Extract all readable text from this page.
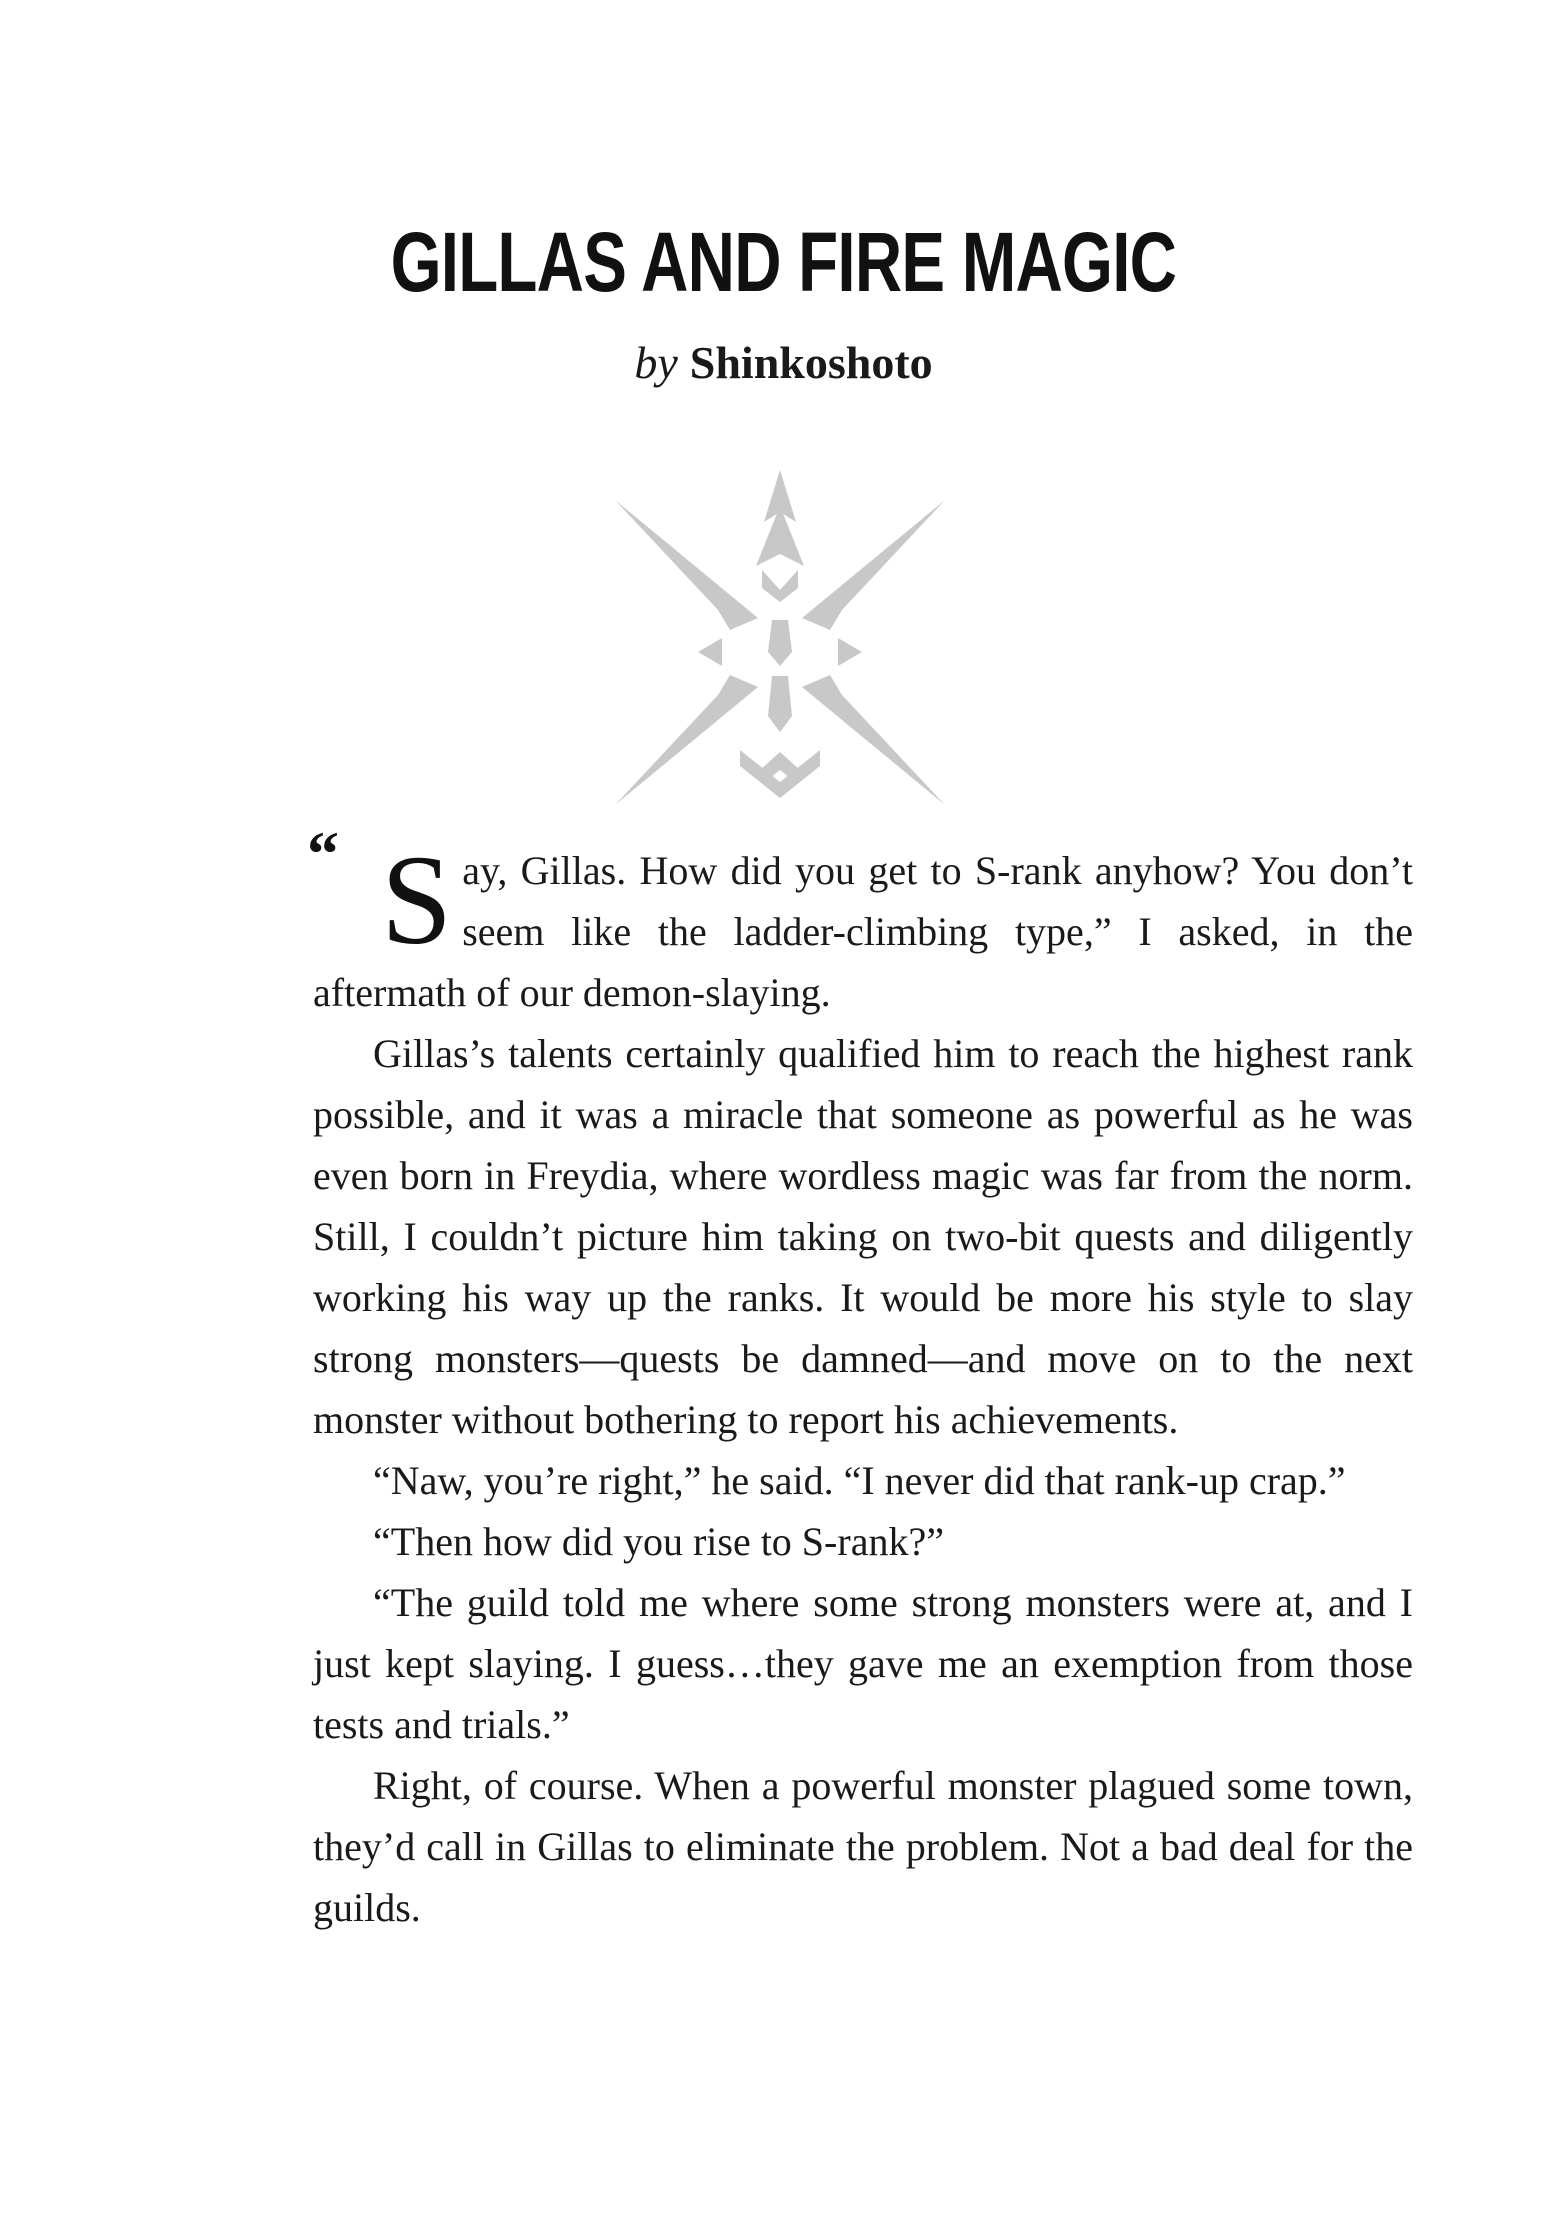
GILLAS AND FIRE MAGIC
by Shinkoshoto

“ S ay, Gillas. How did you get to S-rank anyhow? You don’t seem like the ladder-climbing type,” I asked, in the aftermath of our demon-slaying.

Gillas’s talents certainly qualified him to reach the highest rank possible, and it was a miracle that someone as powerful as he was even born in Freydia, where wordless magic was far from the norm. Still, I couldn’t picture him taking on two-bit quests and diligently working his way up the ranks. It would be more his style to slay strong monsters—quests be damned—and move on to the next monster without bothering to report his achievements.

“Naw, you’re right,” he said. “I never did that rank-up crap.”

“Then how did you rise to S-rank?”

“The guild told me where some strong monsters were at, and I just kept slaying. I guess…they gave me an exemption from those tests and trials.”

Right, of course. When a powerful monster plagued some town, they’d call in Gillas to eliminate the problem. Not a bad deal for the guilds.
